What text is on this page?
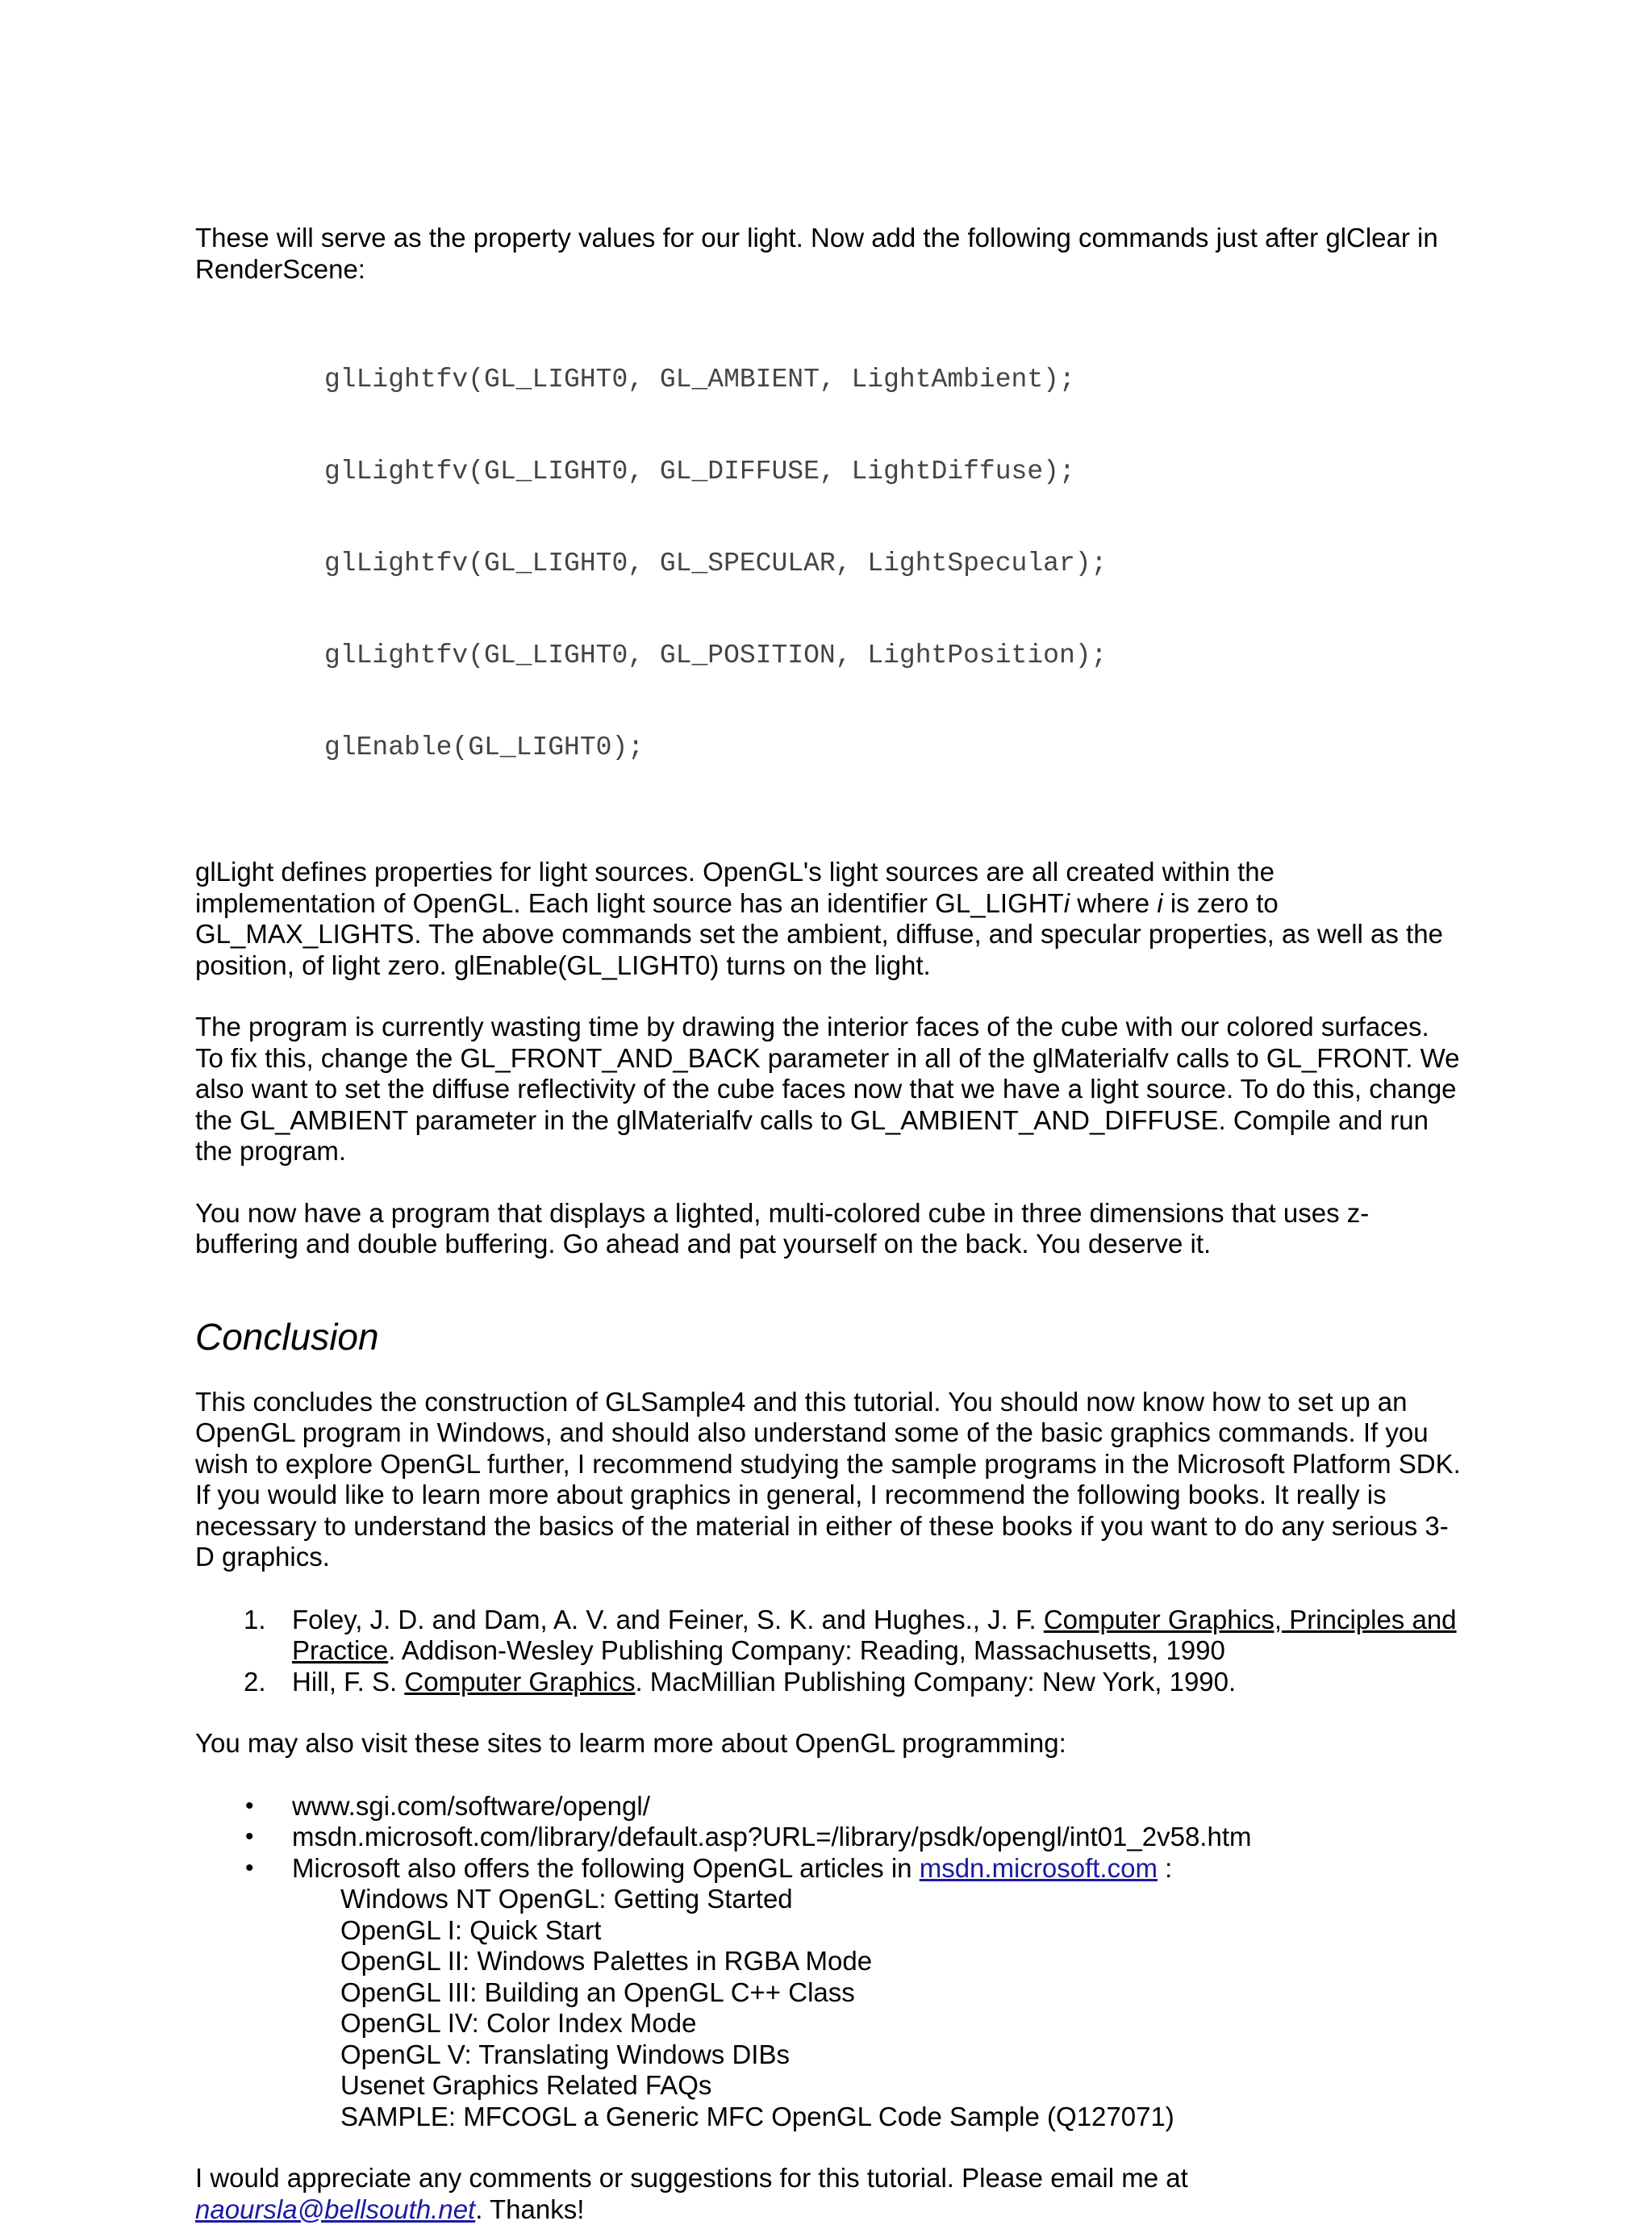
These will serve as the property values for our light. Now add the following commands just after glClear in RenderScene:

glLightfv(GL_LIGHT0, GL_AMBIENT, LightAmbient);

glLightfv(GL_LIGHT0, GL_DIFFUSE, LightDiffuse);

glLightfv(GL_LIGHT0, GL_SPECULAR, LightSpecular);

glLightfv(GL_LIGHT0, GL_POSITION, LightPosition);

glEnable(GL_LIGHT0);

glLight defines properties for light sources. OpenGL's light sources are all created within the implementation of OpenGL. Each light source has an identifier GL_LIGHTi where i is zero to GL_MAX_LIGHTS. The above commands set the ambient, diffuse, and specular properties, as well as the position, of light zero. glEnable(GL_LIGHT0) turns on the light.

The program is currently wasting time by drawing the interior faces of the cube with our colored surfaces. To fix this, change the GL_FRONT_AND_BACK parameter in all of the glMaterialfv calls to GL_FRONT. We also want to set the diffuse reflectivity of the cube faces now that we have a light source. To do this, change the GL_AMBIENT parameter in the glMaterialfv calls to GL_AMBIENT_AND_DIFFUSE. Compile and run the program.

You now have a program that displays a lighted, multi-colored cube in three dimensions that uses z-buffering and double buffering. Go ahead and pat yourself on the back. You deserve it.

Conclusion

This concludes the construction of GLSample4 and this tutorial. You should now know how to set up an OpenGL program in Windows, and should also understand some of the basic graphics commands. If you wish to explore OpenGL further, I recommend studying the sample programs in the Microsoft Platform SDK. If you would like to learn more about graphics in general, I recommend the following books. It really is necessary to understand the basics of the material in either of these books if you want to do any serious 3-D graphics.

1. Foley, J. D. and Dam, A. V. and Feiner, S. K. and Hughes., J. F. Computer Graphics, Principles and Practice. Addison-Wesley Publishing Company: Reading, Massachusetts, 1990
2. Hill, F. S. Computer Graphics. MacMillian Publishing Company: New York, 1990.

You may also visit these sites to learm more about OpenGL programming:

• www.sgi.com/software/opengl/
• msdn.microsoft.com/library/default.asp?URL=/library/psdk/opengl/int01_2v58.htm
• Microsoft also offers the following OpenGL articles in msdn.microsoft.com :
Windows NT OpenGL: Getting Started
OpenGL I: Quick Start
OpenGL II: Windows Palettes in RGBA Mode
OpenGL III: Building an OpenGL C++ Class
OpenGL IV: Color Index Mode
OpenGL V: Translating Windows DIBs
Usenet Graphics Related FAQs
SAMPLE: MFCOGL a Generic MFC OpenGL Code Sample (Q127071)

I would appreciate any comments or suggestions for this tutorial. Please email me at
naoursla@bellsouth.net. Thanks!
